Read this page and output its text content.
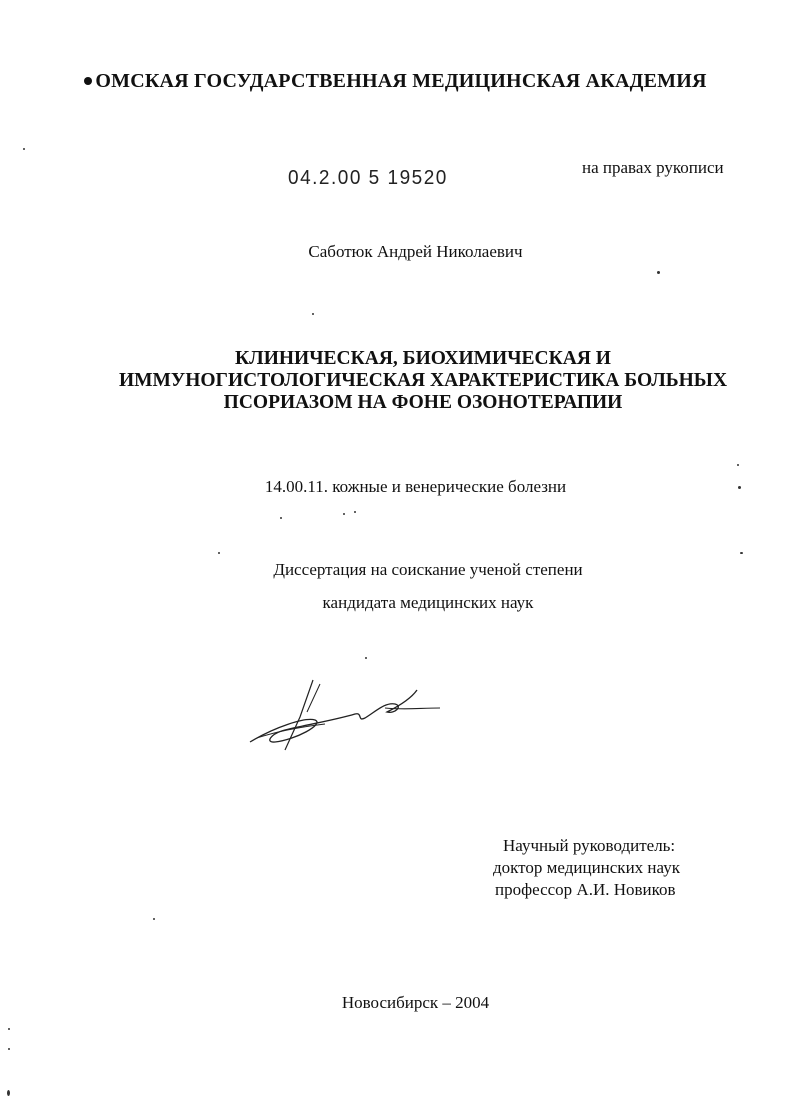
ОМСКАЯ ГОСУДАРСТВЕННАЯ МЕДИЦИНСКАЯ АКАДЕМИЯ
04.2.00 5 19520	на правах рукописи
Саботюк Андрей Николаевич
КЛИНИЧЕСКАЯ, БИОХИМИЧЕСКАЯ И
ИММУНОГИСТОЛОГИЧЕСКАЯ ХАРАКТЕРИСТИКА БОЛЬНЫХ
ПСОРИАЗОМ НА ФОНЕ ОЗОНОТЕРАПИИ
14.00.11. кожные и венерические болезни
Диссертация на соискание ученой степени
кандидата медицинских наук
Научный руководитель:
доктор медицинских наук
профессор А.И. Новиков
Новосибирск – 2004
